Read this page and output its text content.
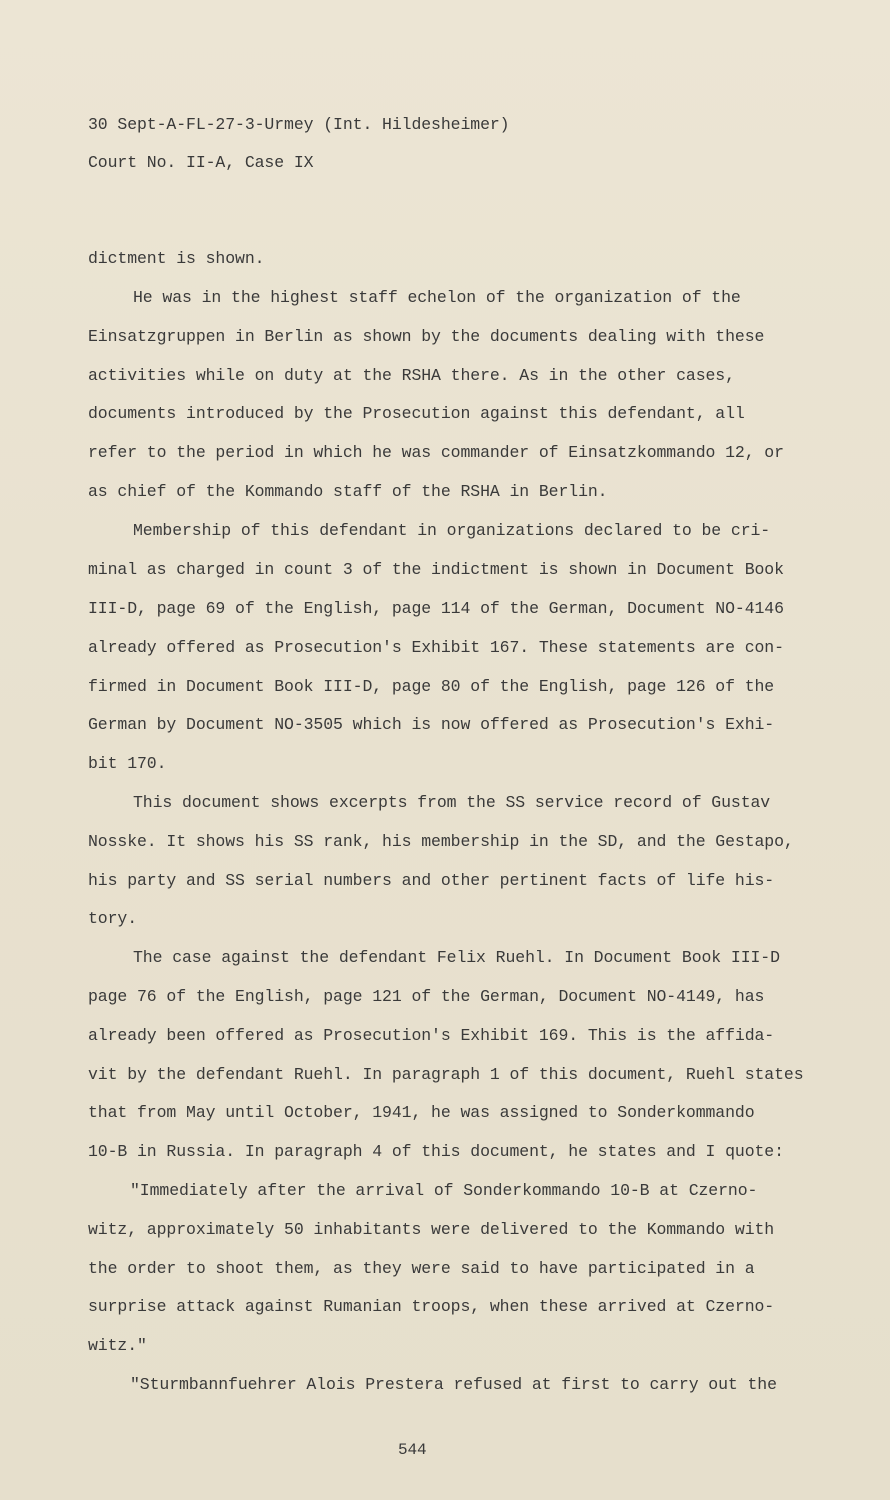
30 Sept-A-FL-27-3-Urmey (Int. Hildesheimer)
Court No. II-A, Case IX
dictment is shown.
He was in the highest staff echelon of the organization of the
Einsatzgruppen in Berlin as shown by the documents dealing with these
activities while on duty at the RSHA there. As in the other cases,
documents introduced by the Prosecution against this defendant, all
refer to the period in which he was commander of Einsatzkommando 12, or
as chief of the Kommando staff of the RSHA in Berlin.
Membership of this defendant in organizations declared to be cri-
minal as charged in count 3 of the indictment is shown in Document Book
III-D, page 69 of the English, page 114 of the German, Document NO-4146
already offered as Prosecution's Exhibit 167. These statements are con-
firmed in Document Book III-D, page 80 of the English, page 126 of the
German by Document NO-3505 which is now offered as Prosecution's Exhi-
bit 170.
This document shows excerpts from the SS service record of Gustav
Nosske. It shows his SS rank, his membership in the SD, and the Gestapo,
his party and SS serial numbers and other pertinent facts of life his-
tory.
The case against the defendant Felix Ruehl. In Document Book III-D
page 76 of the English, page 121 of the German, Document NO-4149, has
already been offered as Prosecution's Exhibit 169. This is the affida-
vit by the defendant Ruehl. In paragraph 1 of this document, Ruehl states
that from May until October, 1941, he was assigned to Sonderkommando
10-B in Russia. In paragraph 4 of this document, he states and I quote:
"Immediately after the arrival of Sonderkommando 10-B at Czerno-
witz, approximately 50 inhabitants were delivered to the Kommando with
the order to shoot them, as they were said to have participated in a
surprise attack against Rumanian troops, when these arrived at Czerno-
witz."
"Sturmbannfuehrer Alois Prestera refused at first to carry out the
544
